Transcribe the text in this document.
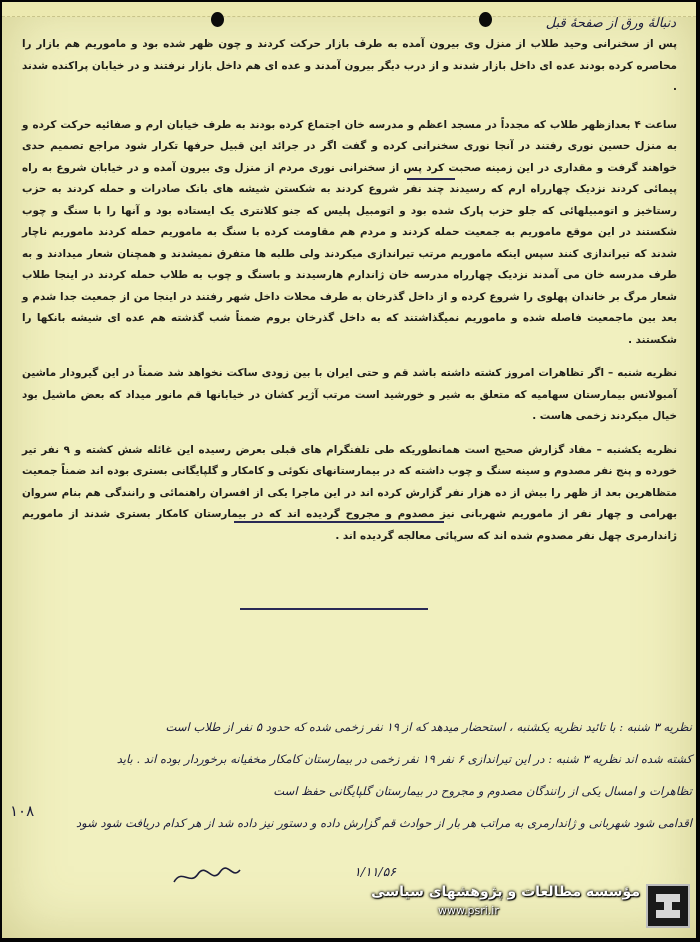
دنبالهٔ ورق از صفحهٔ قبل

پس از سخنرانی وحید طلاب از منزل وی بیرون آمده به طرف بازار حرکت کردند و چون ظهر شده بود و ماموریم هم بازار را محاصره کرده بودند عده ای داخل بازار شدند و از درب دیگر بیرون آمدند و عده ای هم داخل بازار نرفتند و در خیابان پراکنده شدند .

ساعت ۴ بعدازظهر طلاب که مجدداً در مسجد اعظم و مدرسه خان اجتماع کرده بودند به طرف خیابان ارم و صفائیه حرکت کرده و به منزل حسین نوری رفتند در آنجا نوری سخنرانی کرده و گفت اگر در جرائد این قبیل حرفها تکرار شود مراجع تصمیم حدی خواهند گرفت و مقداری در این زمینه صحبت کرد پس از سخنرانی نوری مردم از منزل وی بیرون آمده و در خیابان شروع به راه پیمائی کردند نزدیک چهارراه ارم که رسیدند چند نفر شروع کردند به شکستن شیشه های بانک صادرات و حمله کردند به حزب رستاخیز و اتومبیلهائی که جلو حزب پارک شده بود و اتومبیل پلیس که جنو کلانتری یک ایستاده بود و آنها را با سنگ و چوب شکستند در این موقع ماموریم به جمعیت حمله کردند و مردم هم مقاومت کرده با سنگ به ماموریم حمله کردند ماموریم ناچار شدند که تیراندازی کنند سپس اینکه ماموریم مرتب تیراندازی میکردند ولی طلبه ها متفرق نمیشدند و همچنان شعار میدادند و به طرف مدرسه خان می آمدند نزدیک چهارراه مدرسه خان ژاندارم هارسیدند و باسنگ و چوب به طلاب حمله کردند در اینجا طلاب شعار مرگ بر خاندان پهلوی را شروع کرده و از داخل گذرخان به طرف محلات داخل شهر رفتند در اینجا من از جمعیت جدا شدم و بعد بین ماجمعیت فاصله شده و ماموریم نمیگذاشتند که به داخل گذرخان بروم ضمناً شب گذشته هم عده ای شیشه بانکها را شکستند .

نظریه شنبه – اگر تظاهرات امروز کشته داشته باشد قم و حتی ایران با بین زودی ساکت نخواهد شد ضمناً در این گیرودار ماشین آمبولانس بیمارستان سهامیه که متعلق به شیر و خورشید است مرتب آژیر کشان در خیابانها قم مانور میداد که بعض ماشیل بود خیال میکردند زخمی هاست .

نظریه یکشنبه – مفاد گزارش صحیح است همانطوریکه طی تلفنگرام های قبلی بعرض رسیده این غائله شش کشته و ۹ نفر تیر خورده و پنج نفر مصدوم و سینه سنگ و چوب داشته که در بیمارستانهای نکوئی و کامکار و گلپایگانی بستری بوده اند ضمناً جمعیت متظاهرین بعد از ظهر را بیش از ده هزار نفر گزارش کرده اند در این ماجرا یکی از افسران راهنمائی و رانندگی هم بنام سروان بهرامی و چهار نفر از ماموریم شهربانی نیز مصدوم و مجروح گردیده اند که در بیمارستان کامکار بستری شدند از ماموریم ژاندارمری چهل نفر مصدوم شده اند که سرپائی معالجه گردیده اند .

نظریه ۳ شنبه : با تائید نظریه یکشنبه ، استحضار میدهد که از ۱۹ نفر زخمی شده که حدود ۵ نفر از طلاب است

کشته شده اند نظریه ۳ شنبه : در این تیراندازی ۶ نفر ۱۹ نفر زخمی در بیمارستان کامکار مخفیانه برخوردار بوده اند . باید

تظاهرات و امسال یکی از رانندگان مصدوم و مجروح در بیمارستان گلپایگانی حفظ است

اقدامی شود شهربانی و ژاندارمری به مراتب هر بار از حوادث قم گزارش داده و دستور نیز داده شد از هر کدام دریافت شود شود

١٠٨
۱/۱۱/۵۶
مؤسسه مطالعات و پژوهشهای سیاسی
www.psri.ir
